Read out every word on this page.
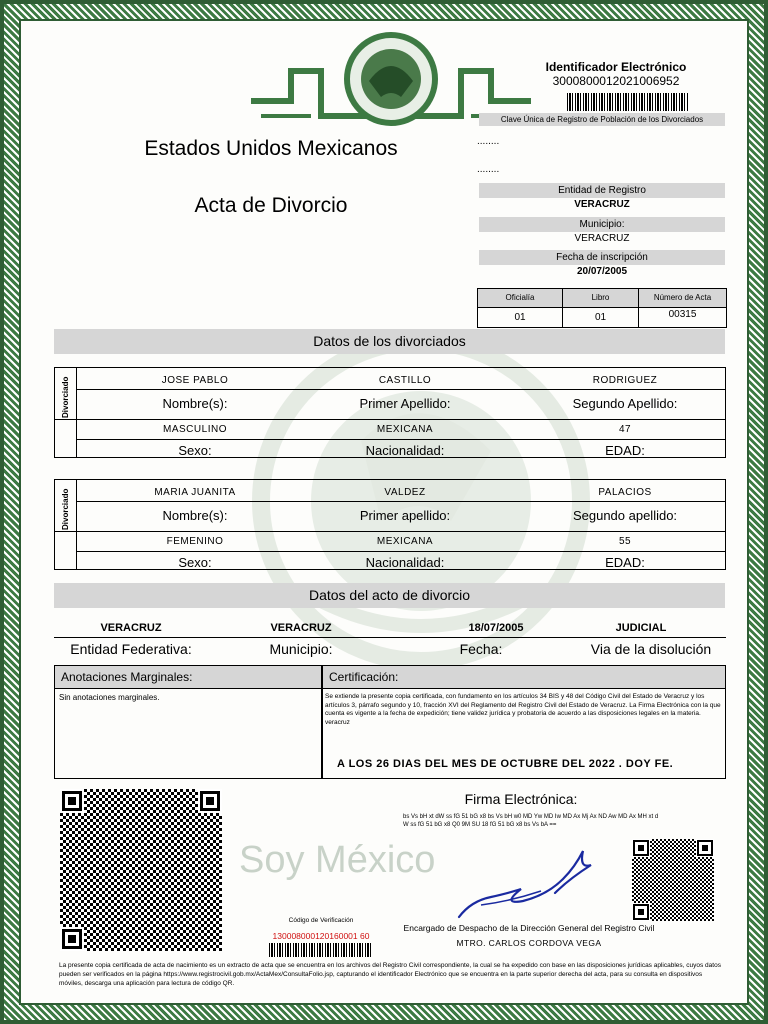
Identificador Electrónico
3000800012021006952
Clave Única de Registro de Población de los Divorciados
........
........
Estados Unidos Mexicanos
Acta de Divorcio
Entidad de Registro
VERACRUZ
Municipio:
VERACRUZ
Fecha de inscripción
20/07/2005
Oficialía	Libro	Número de Acta
01	01	00315
Datos de los divorciados
Divorciado	JOSE PABLO	CASTILLO	RODRIGUEZ
Nombre(s):	Primer Apellido:	Segundo Apellido:
MASCULINO	MEXICANA	47
Sexo:	Nacionalidad:	EDAD:
Divorciado	MARIA JUANITA	VALDEZ	PALACIOS
Nombre(s):	Primer apellido:	Segundo apellido:
FEMENINO	MEXICANA	55
Sexo:	Nacionalidad:	EDAD:
Datos del acto de divorcio
VERACRUZ	VERACRUZ	18/07/2005	JUDICIAL
Entidad Federativa:	Municipio:	Fecha:	Via de la disolución
Anotaciones Marginales:	Certificación:
Sin anotaciones marginales.	Se extiende la presente copia certificada, con fundamento en los artículos 34 BIS y 48 del Código Civil del Estado de Veracruz y los artículos 3, párrafo segundo y 10, fracción XVI del Reglamento del Registro Civil del Estado de Veracruz. La Firma Electrónica con la que cuenta es vigente a la fecha de expedición; tiene validez jurídica y probatoria de acuerdo a las disposiciones legales en la materia. veracruz
A LOS 26 DIAS DEL MES DE OCTUBRE DEL 2022 . DOY FE.
Código de Verificación
130008000120160001 60
Firma Electrónica:
bs Vs bH xt dW ss fG 51 bG x8 bs Vs bH w0 MD Yw MD Iw MD Ax Mj Ax ND Aw MD Ax MH xt dW ss fG 51 bG x8 Q0 9M SU 18 fG 51 bG x8 bs Vs bA ==
Soy México
Encargado de Despacho de la Dirección General del Registro Civil
MTRO. CARLOS CORDOVA VEGA
La presente copia certificada de acta de nacimiento es un extracto de acta que se encuentra en los archivos del Registro Civil correspondiente, la cual se ha expedido con base en las disposiciones jurídicas aplicables, cuyos datos pueden ser verificados en la página https://www.registrocivil.gob.mx/ActaMex/ConsultaFolio.jsp, capturando el identificador Electrónico que se encuentra en la parte superior derecha del acta, para su consulta en dispositivos móviles, descarga una aplicación para lectura de código QR.
